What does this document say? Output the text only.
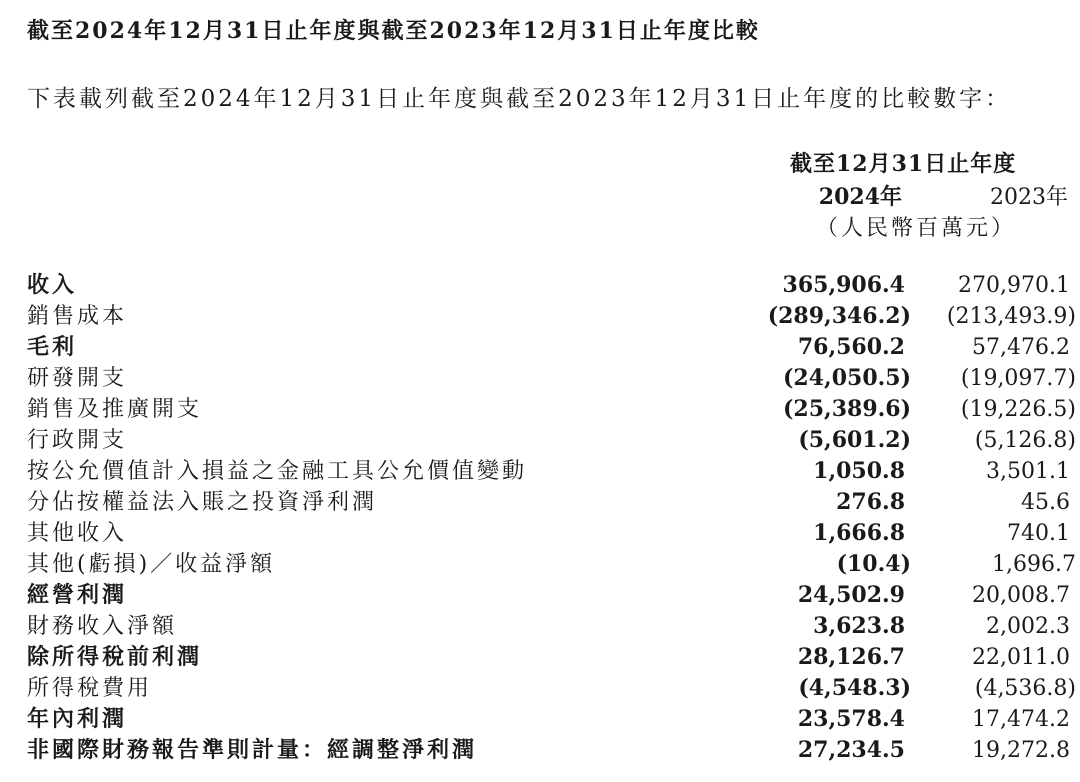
截至2024年12月31日止年度與截至2023年12月31日止年度比較
下表載列截至2024年12月31日止年度與截至2023年12月31日止年度的比較數字：
截至12月31日止年度
2024年	2023年
（人民幣百萬元）
收入	365,906.4 270,970.1
銷售成本	(289,346.2) (213,493.9)
毛利	76,560.2	57,476.2
研發開支	(24,050.5) (19,097.7)
銷售及推廣開支	(25,389.6) (19,226.5)
行政開支	(5,601.2)	(5,126.8)
按公允價值計入損益之金融工具公允價值變動	1,050.8	3,501.1
分佔按權益法入賬之投資淨利潤	276.8	45.6
其他收入	1,666.8	740.1
其他(虧損)／收益淨額	(10.4)	1,696.7
經營利潤	24,502.9	20,008.7
財務收入淨額	3,623.8	2,002.3
除所得稅前利潤	28,126.7	22,011.0
所得稅費用	(4,548.3)	(4,536.8)
年內利潤	23,578.4	17,474.2
非國際財務報告準則計量：經調整淨利潤	27,234.5	19,272.8
